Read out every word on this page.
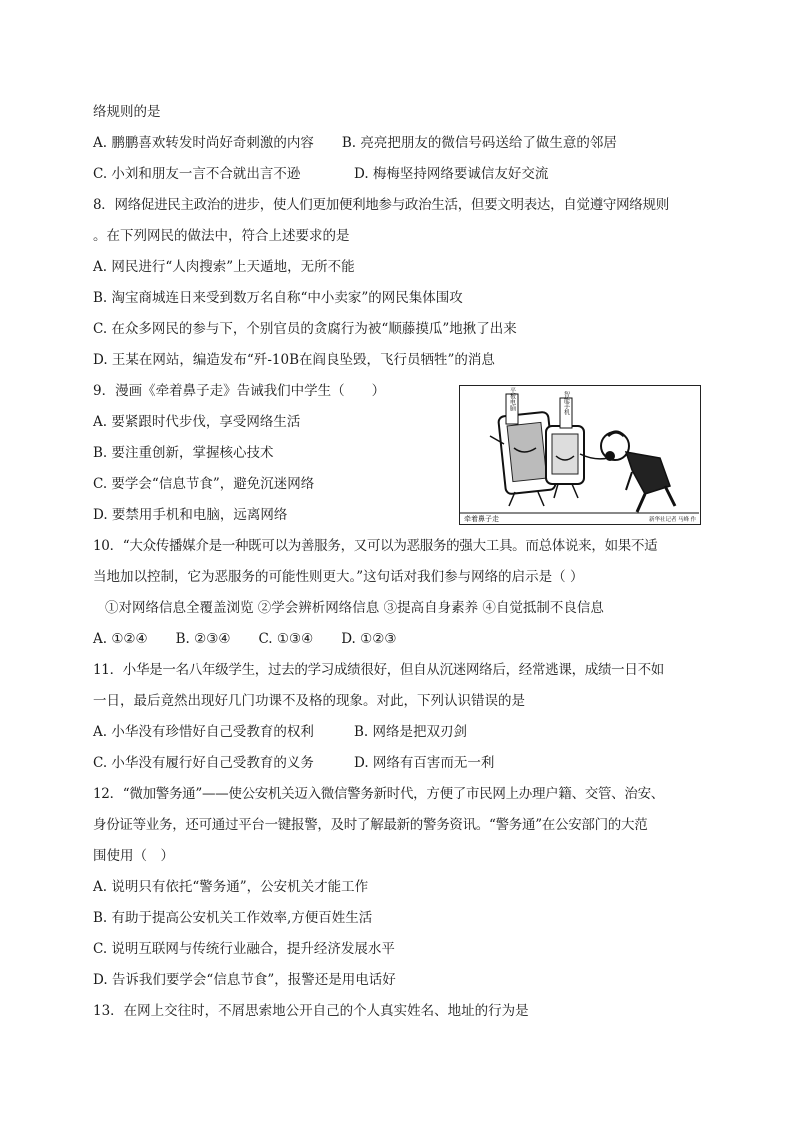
络规则的是
A. 鹏鹏喜欢转发时尚好奇刺激的内容 B. 亮亮把朋友的微信号码送给了做生意的邻居
C. 小刘和朋友一言不合就出言不逊	D. 梅梅坚持网络要诚信友好交流
8．网络促进民主政治的进步，使人们更加便利地参与政治生活，但要文明表达，自觉遵守网络规则
。在下列网民的做法中，符合上述要求的是
A. 网民进行“人肉搜索”上天遁地，无所不能
B. 淘宝商城连日来受到数万名自称“中小卖家”的网民集体围攻
C. 在众多网民的参与下，个别官员的贪腐行为被“顺藤摸瓜”地揪了出来
D. 王某在网站，编造发布“歼-10B在阎良坠毁，飞行员牺牲”的消息
9．漫画《牵着鼻子走》告诫我们中学生（　　）
A. 要紧跟时代步伐，享受网络生活
B. 要注重创新，掌握核心技术
C. 要学会“信息节食”，避免沉迷网络
D. 要禁用手机和电脑，远离网络
10．“大众传播媒介是一种既可以为善服务，又可以为恶服务的强大工具。而总体说来，如果不适
当地加以控制，它为恶服务的可能性则更大。”这句话对我们参与网络的启示是（ ）
①对网络信息全覆盖浏览 ②学会辨析网络信息 ③提高自身素养 ④自觉抵制不良信息
A. ①②④ B. ②③④ C. ①③④ D. ①②③
11．小华是一名八年级学生，过去的学习成绩很好，但自从沉迷网络后，经常逃课，成绩一日不如
一日，最后竟然出现好几门功课不及格的现象。对此，下列认识错误的是
A. 小华没有珍惜好自己受教育的权利	B. 网络是把双刃剑
C. 小华没有履行好自己受教育的义务	D. 网络有百害而无一利
12．“微加警务通”——使公安机关迈入微信警务新时代，方便了市民网上办理户籍、交管、治安、
身份证等业务，还可通过平台一键报警，及时了解最新的警务资讯。“警务通”在公安部门的大范
围使用（　）
A. 说明只有依托“警务通”，公安机关才能工作
B. 有助于提高公安机关工作效率,方便百姓生活
C. 说明互联网与传统行业融合，提升经济发展水平
D. 告诉我们要学会“信息节食”，报警还是用电话好
13．在网上交往时，不屑思索地公开自己的个人真实姓名、地址的行为是
平板电脑	智能手机
牵着鼻子走	新华社记者 马峰 作
